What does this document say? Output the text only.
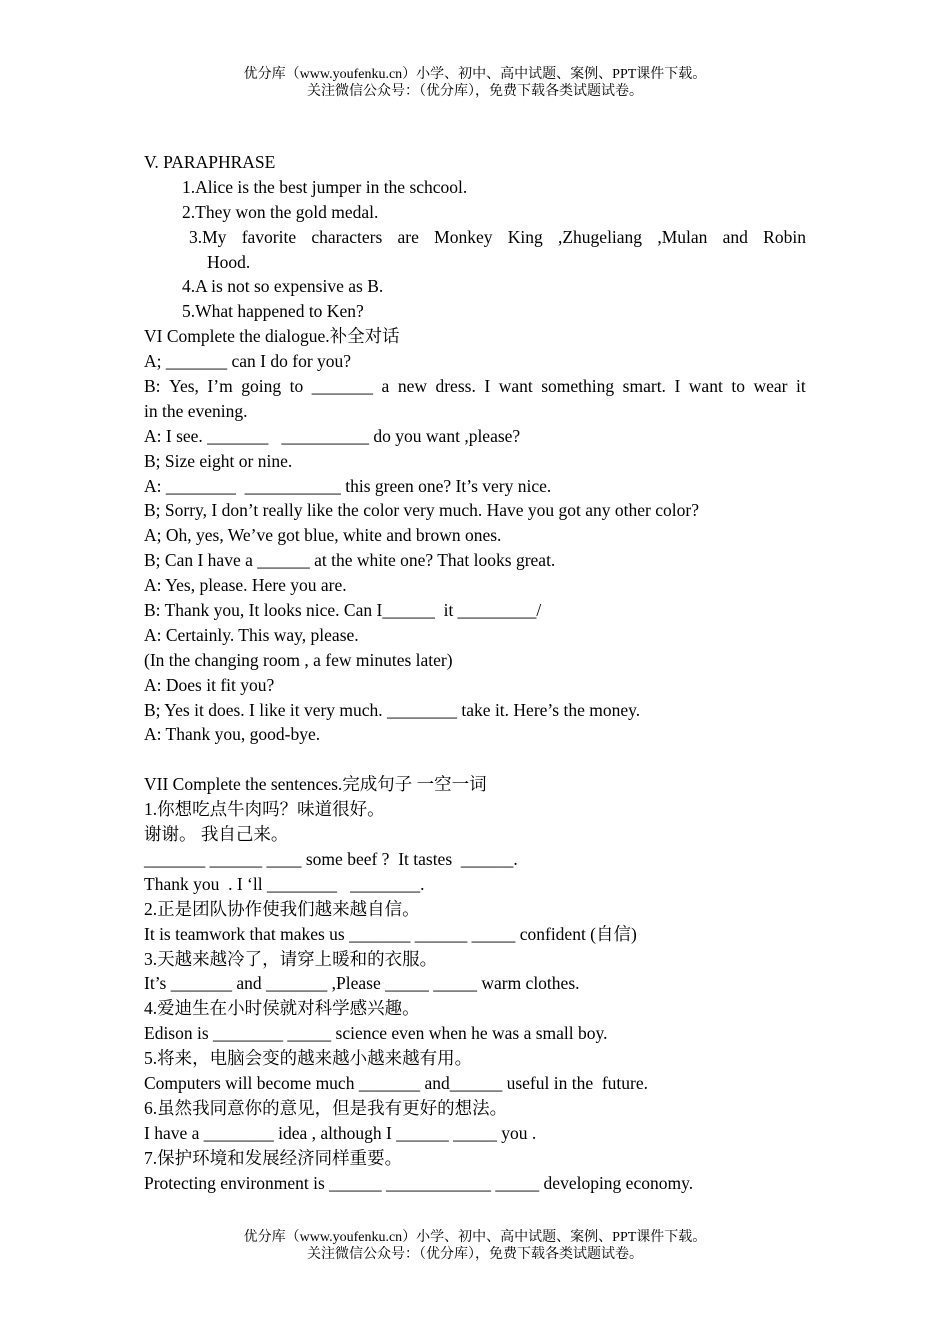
优分库（www.youfenku.cn）小学、初中、高中试题、案例、PPT课件下载。
关注微信公众号：（优分库），免费下载各类试题试卷。
V. PARAPHRASE
1.Alice is the best jumper in the schcool.
2.They won the gold medal.
3.My favorite characters are Monkey King ,Zhugeliang ,Mulan and Robin
Hood.
4.A is not so expensive as B.
5.What happened to Ken?
VI Complete the dialogue.补全对话
A; _______ can I do for you?
B: Yes, I’m going to _______ a new dress. I want something smart. I want to wear it
in the evening.
A: I see. _______   __________ do you want ,please?
B; Size eight or nine.
A: ________  ___________ this green one? It’s very nice.
B; Sorry, I don’t really like the color very much. Have you got any other color?
A; Oh, yes, We’ve got blue, white and brown ones.
B; Can I have a ______ at the white one? That looks great.
A: Yes, please. Here you are.
B: Thank you, It looks nice. Can I______  it _________/
A: Certainly. This way, please.
(In the changing room , a few minutes later)
A: Does it fit you?
B; Yes it does. I like it very much. ________ take it. Here’s the money.
A: Thank you, good-bye.
VII Complete the sentences.完成句子 一空一词
1.你想吃点牛肉吗？味道很好。
谢谢。 我自己来。
_______ ______ ____ some beef ?  It tastes  ______.
Thank you  . I ‘ll ________   ________.
2.正是团队协作使我们越来越自信。
It is teamwork that makes us _______ ______ _____ confident (自信)
3.天越来越冷了，请穿上暖和的衣服。
It’s _______ and _______ ,Please _____ _____ warm clothes.
4.爱迪生在小时侯就对科学感兴趣。
Edison is ________ _____ science even when he was a small boy.
5.将来，电脑会变的越来越小越来越有用。
Computers will become much _______ and______ useful in the  future.
6.虽然我同意你的意见，但是我有更好的想法。
I have a ________ idea , although I ______ _____ you .
7.保护环境和发展经济同样重要。
Protecting environment is ______ ____________ _____ developing economy.
优分库（www.youfenku.cn）小学、初中、高中试题、案例、PPT课件下载。
关注微信公众号：（优分库），免费下载各类试题试卷。
